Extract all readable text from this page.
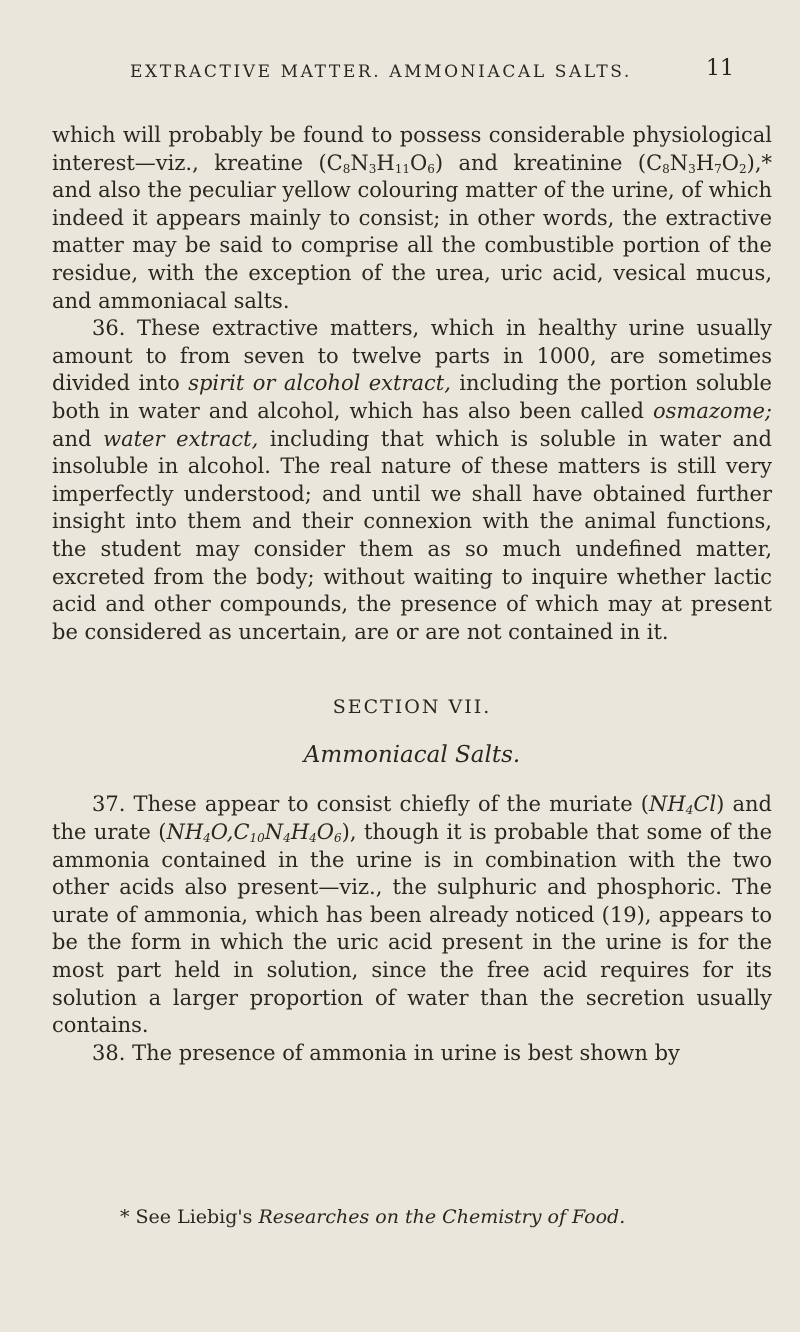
EXTRACTIVE MATTER. AMMONIACAL SALTS.	11

which will probably be found to possess considerable physiological interest—viz., kreatine $(C_8N_3H_{11}O_6)$ and kreatinine $(C_8N_3H_7O_2),*$ and also the peculiar yellow colouring matter of the urine, of which indeed it appears mainly to consist; in other words, the extractive matter may be said to comprise all the combustible portion of the residue, with the exception of the urea, uric acid, vesical mucus, and ammoniacal salts.

36. These extractive matters, which in healthy urine usually amount to from seven to twelve parts in 1000, are sometimes divided into spirit or alcohol extract, including the portion soluble both in water and alcohol, which has also been called osmazome; and water extract, including that which is soluble in water and insoluble in alcohol. The real nature of these matters is still very imperfectly understood; and until we shall have obtained further insight into them and their connexion with the animal functions, the student may consider them as so much undefined matter, excreted from the body; without waiting to inquire whether lactic acid and other compounds, the presence of which may at present be considered as uncertain, are or are not contained in it.

SECTION VII.

Ammoniacal Salts.

37. These appear to consist chiefly of the muriate $(NH_4Cl)$ and the urate $(NH_4O,C_{10}N_4H_4O_6)$, though it is probable that some of the ammonia contained in the urine is in combination with the two other acids also present—viz., the sulphuric and phosphoric. The urate of ammonia, which has been already noticed (19), appears to be the form in which the uric acid present in the urine is for the most part held in solution, since the free acid requires for its solution a larger proportion of water than the secretion usually contains.

38. The presence of ammonia in urine is best shown by

* See Liebig's Researches on the Chemistry of Food.
